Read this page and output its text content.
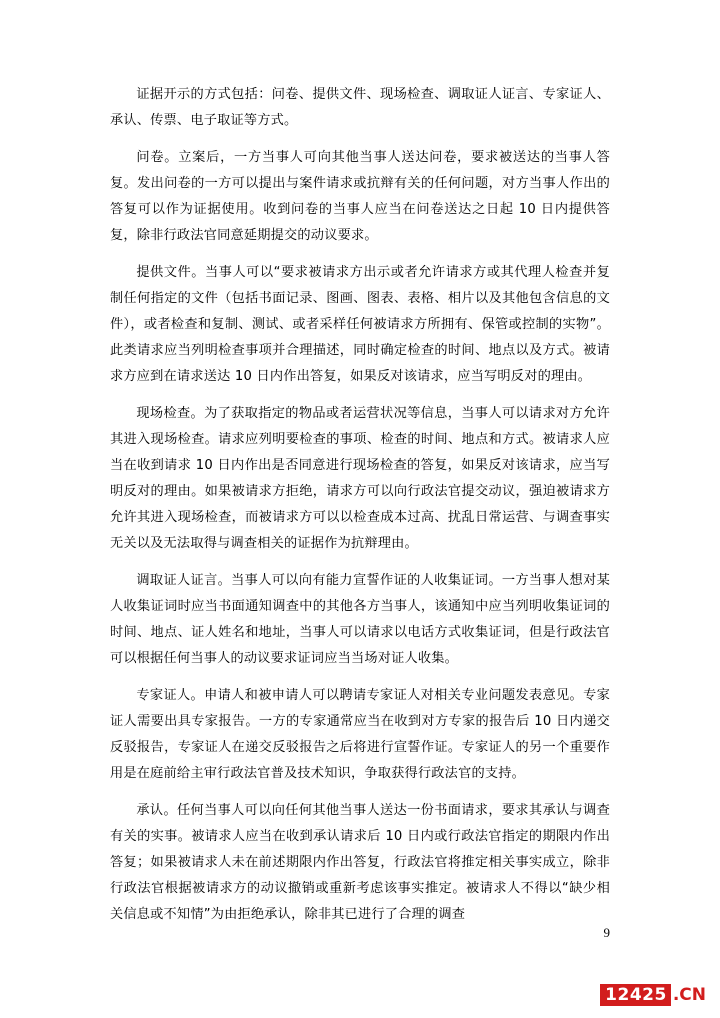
证据开示的方式包括：问卷、提供文件、现场检查、调取证人证言、专家证人、承认、传票、电子取证等方式。

问卷。立案后，一方当事人可向其他当事人送达问卷，要求被送达的当事人答复。发出问卷的一方可以提出与案件请求或抗辩有关的任何问题，对方当事人作出的答复可以作为证据使用。收到问卷的当事人应当在问卷送达之日起 10 日内提供答复，除非行政法官同意延期提交的动议要求。

提供文件。当事人可以“要求被请求方出示或者允许请求方或其代理人检查并复制任何指定的文件（包括书面记录、图画、图表、表格、相片以及其他包含信息的文件），或者检查和复制、测试、或者采样任何被请求方所拥有、保管或控制的实物”。此类请求应当列明检查事项并合理描述，同时确定检查的时间、地点以及方式。被请求方应到在请求送达 10 日内作出答复，如果反对该请求，应当写明反对的理由。

现场检查。为了获取指定的物品或者运营状况等信息，当事人可以请求对方允许其进入现场检查。请求应列明要检查的事项、检查的时间、地点和方式。被请求人应当在收到请求 10 日内作出是否同意进行现场检查的答复，如果反对该请求，应当写明反对的理由。如果被请求方拒绝，请求方可以向行政法官提交动议，强迫被请求方允许其进入现场检查，而被请求方可以以检查成本过高、扰乱日常运营、与调查事实无关以及无法取得与调查相关的证据作为抗辩理由。

调取证人证言。当事人可以向有能力宣誓作证的人收集证词。一方当事人想对某人收集证词时应当书面通知调查中的其他各方当事人，该通知中应当列明收集证词的时间、地点、证人姓名和地址，当事人可以请求以电话方式收集证词，但是行政法官可以根据任何当事人的动议要求证词应当当场对证人收集。

专家证人。申请人和被申请人可以聘请专家证人对相关专业问题发表意见。专家证人需要出具专家报告。一方的专家通常应当在收到对方专家的报告后 10 日内递交反驳报告，专家证人在递交反驳报告之后将进行宣誓作证。专家证人的另一个重要作用是在庭前给主审行政法官普及技术知识，争取获得行政法官的支持。

承认。任何当事人可以向任何其他当事人送达一份书面请求，要求其承认与调查有关的实事。被请求人应当在收到承认请求后 10 日内或行政法官指定的期限内作出答复；如果被请求人未在前述期限内作出答复，行政法官将推定相关事实成立，除非行政法官根据被请求方的动议撤销或重新考虑该事实推定。被请求人不得以“缺少相关信息或不知情”为由拒绝承认，除非其已进行了合理的调查

9
12425 .CN
